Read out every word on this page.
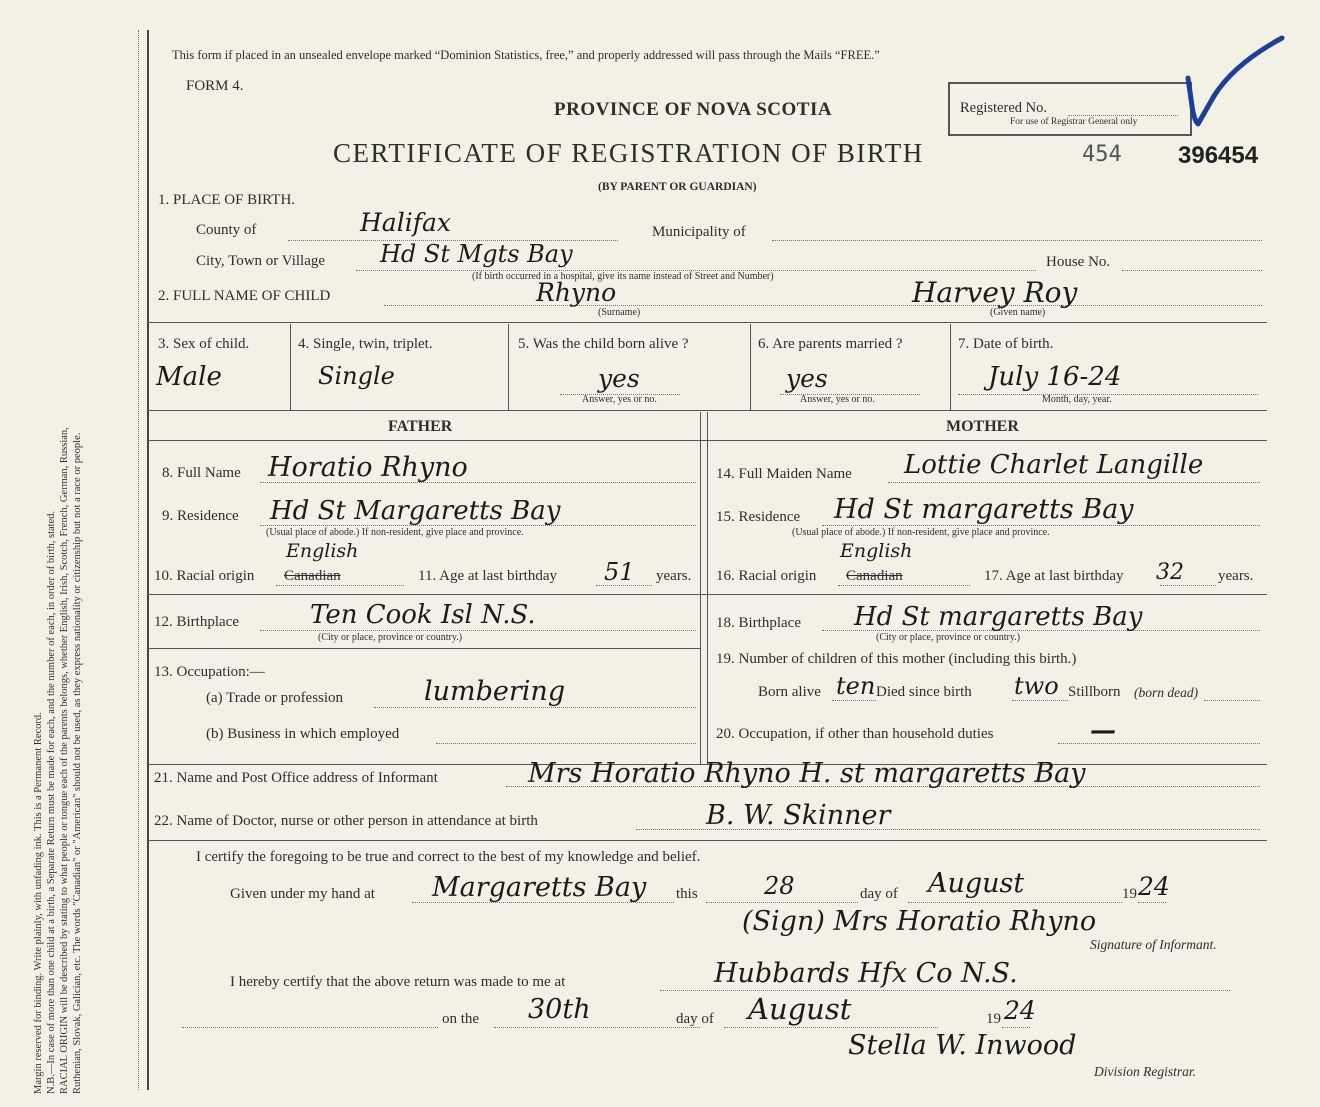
Margin reserved for binding. Write plainly, with unfading ink. This is a Permanent Record. N.B.—In case of more than one child at a birth, a Separate Return must be made for each, and the number of each, in order of birth, stated. RACIAL ORIGIN will be described by stating to what people or tongue each of the parents belongs, whether English, Irish, Scotch, French, German, Russian, Ruthenian, Slovak, Galician, etc. The words "Canadian" or "American" should not be used, as they express nationality or citizenship but not a race or people.
This form if placed in an unsealed envelope marked “Dominion Statistics, free,” and properly addressed will pass through the Mails “FREE.”
FORM 4.
PROVINCE OF NOVA SCOTIA
CERTIFICATE OF REGISTRATION OF BIRTH
(BY PARENT OR GUARDIAN)
Registered No.
For use of Registrar General only
454 396454
1. PLACE OF BIRTH.
County of	Halifax	Municipality of
City, Town or Village Hd St Mgts Bay
(If birth occurred in a hospital, give its name instead of Street and Number)
House No.
2. FULL NAME OF CHILD	Rhyno
(Surname)
Harvey Roy
(Given name)
3. Sex of child.
Male
4. Single, twin, triplet.
Single
5. Was the child born alive ?
yes
Answer, yes or no.
6. Are parents married ?
yes
Answer, yes or no.
7. Date of birth.
July 16-24
Month, day, year.
FATHER	MOTHER
8. Full Name Horatio Rhyno
9. Residence Hd St Margaretts Bay
(Usual place of abode.) If non-resident, give place and province.
10. Racial origin
English
Canadian	11. Age at last birthday 51 years.
12. Birthplace	Ten Cook Isl N.S.
(City or place, province or country.)
13. Occupation:—
(a) Trade or profession	lumbering
(b) Business in which employed
14. Full Maiden Name Lottie Charlet Langille
15. Residence Hd St margaretts Bay
(Usual place of abode.) If non-resident, give place and province.
16. Racial origin
English
Canadian	17. Age at last birthday 32 years.
18. Birthplace Hd St margaretts Bay
(City or place, province or country.)
19. Number of children of this mother (including this birth.)
Born alive ten Died since birth two Stillborn (born dead)
20. Occupation, if other than household duties	—
21. Name and Post Office address of Informant	Mrs Horatio Rhyno H. st margaretts Bay
22. Name of Doctor, nurse or other person in attendance at birth	B. W. Skinner
I certify the foregoing to be true and correct to the best of my knowledge and belief.
Given under my hand at Margaretts Bay this	28	day of August	19 24
(Sign) Mrs Horatio Rhyno
Signature of Informant.
I hereby certify that the above return was made to me at	Hubbards Hfx Co N.S.
on the 30th	day of August	19 24
Stella W. Inwood
Division Registrar.
